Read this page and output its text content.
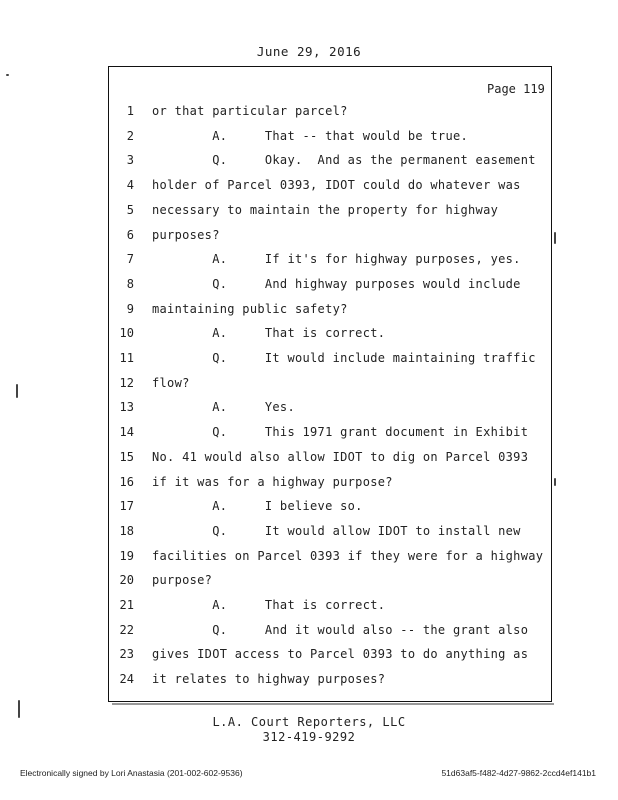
June 29, 2016
Page 119
1 or that particular parcel?
2 A.     That -- that would be true.
3 Q.     Okay.  And as the permanent easement
4 holder of Parcel 0393, IDOT could do whatever was
5 necessary to maintain the property for highway
6 purposes?
7 A.     If it's for highway purposes, yes.
8 Q.     And highway purposes would include
9 maintaining public safety?
10 A.     That is correct.
11 Q.     It would include maintaining traffic
12 flow?
13 A.     Yes.
14 Q.     This 1971 grant document in Exhibit
15 No. 41 would also allow IDOT to dig on Parcel 0393
16 if it was for a highway purpose?
17 A.     I believe so.
18 Q.     It would allow IDOT to install new
19 facilities on Parcel 0393 if they were for a highway
20 purpose?
21 A.     That is correct.
22 Q.     And it would also -- the grant also
23 gives IDOT access to Parcel 0393 to do anything as
24 it relates to highway purposes?
L.A. Court Reporters, LLC
312-419-9292
Electronically signed by Lori Anastasia (201-002-602-9536)	51d63af5-f482-4d27-9862-2ccd4ef141b1
